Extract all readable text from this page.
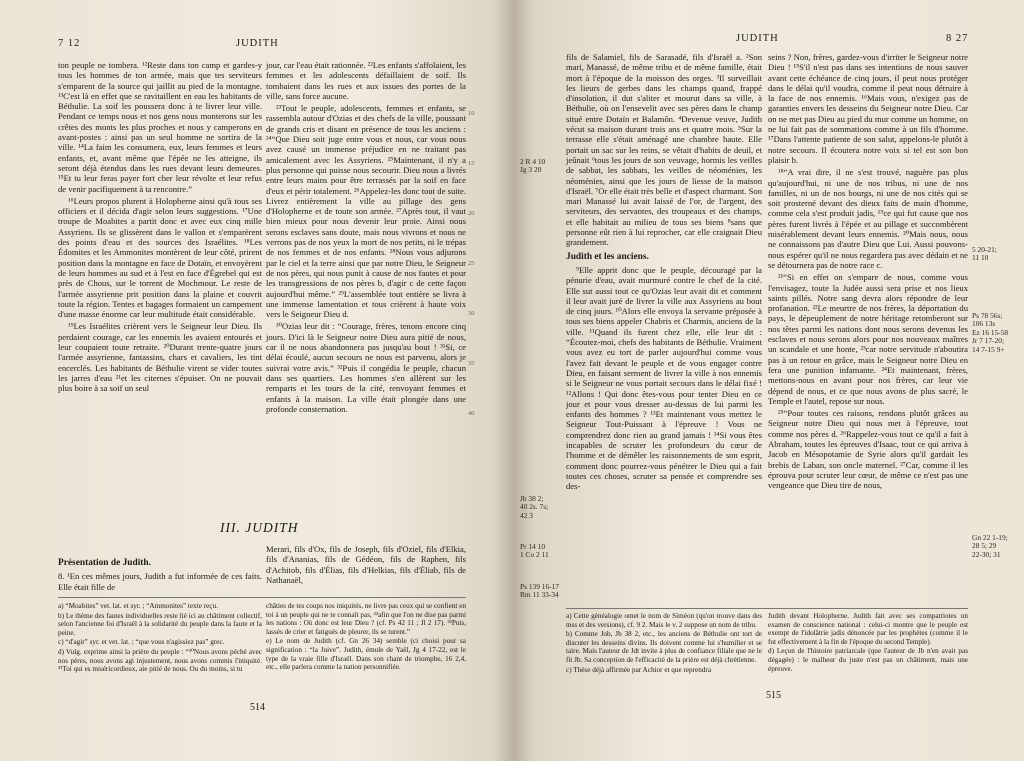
7 12	JUDITH

ton peuple ne tombera. ¹²Reste dans ton camp et gardes-y tous les hommes de ton armée, mais que tes serviteurs s'emparent de la source qui jaillit au pied de la montagne. ¹³C'est là en effet que se ravitaillent en eau les habitants de Béthulie. La soif les poussera donc à te livrer leur ville. Pendant ce temps nous et nos gens nous monterons sur les crêtes des monts les plus proches et nous y camperons en avant-postes : ainsi pas un seul homme ne sortira de la ville. ¹⁴La faim les consumera, eux, leurs femmes et leurs enfants, et, avant même que l'épée ne les atteigne, ils seront déjà étendus dans les rues devant leurs demeures. ¹⁵Et tu leur feras payer fort cher leur révolte et leur refus de venir pacifiquement à ta rencontre.”

¹⁶Leurs propos plurent à Holopherne ainsi qu'à tous ses officiers et il décida d'agir selon leurs suggestions. ¹⁷Une troupe de Moabites a partit donc et avec eux cinq mille Assyriens. Ils se glissèrent dans le vallon et s'emparèrent des points d'eau et des sources des Israélites. ¹⁸Les Édomites et les Ammonites montèrent de leur côté, prirent position dans la montagne en face de Dotaïn, et envoyèrent de leurs hommes au sud et à l'est en face d'Égrebel qui est près de Chous, sur le torrent de Mochmour. Le reste de l'armée assyrienne prit position dans la plaine et couvrit toute la région. Tentes et bagages formaient un campement d'une masse énorme car leur multitude était considérable.

¹⁹Les Israélites crièrent vers le Seigneur leur Dieu. Ils perdaient courage, car les ennemis les avaient entourés et leur coupaient toute retraite. ²⁰Durant trente-quatre jours l'armée assyrienne, fantassins, chars et cavaliers, les tint encerclés. Les habitants de Béthulie virent se vider toutes les jarres d'eau ²¹et les citernes s'épuiser. On ne pouvait plus boire à sa soif un seul

jour, car l'eau était rationnée. ²²Les enfants s'affolaient, les femmes et les adolescents défaillaient de soif. Ils tombaient dans les rues et aux issues des portes de la ville, sans force aucune.

²³Tout le peuple, adolescents, femmes et enfants, se rassembla autour d'Ozias et des chefs de la ville, poussant de grands cris et disant en présence de tous les anciens : ²⁴“Que Dieu soit juge entre vous et nous, car vous nous avez causé un immense préjudice en ne traitant pas amicalement avec les Assyriens. ²⁵Maintenant, il n'y a plus personne qui puisse nous secourir. Dieu nous a livrés entre leurs mains pour être terrassés par la soif en face d'eux et périr totalement. ²⁶Appelez-les donc tout de suite. Livrez entièrement la ville au pillage des gens d'Holopherne et de toute son armée. ²⁷Après tout, il vaut bien mieux pour nous devenir leur proie. Ainsi nous serons esclaves sans doute, mais nous vivrons et nous ne verrons pas de nos yeux la mort de nos petits, ni le trépas de nos femmes et de nos enfants. ²⁸Nous vous adjurons par le ciel et la terre ainsi que par notre Dieu, le Seigneur de nos pères, qui nous punit à cause de nos fautes et pour les transgressions de nos pères b, d'agir c de cette façon aujourd'hui même.” ²⁹L'assemblée tout entière se livra à une immense lamentation et tous crièrent à haute voix vers le Seigneur Dieu d.

³⁰Ozias leur dit : “Courage, frères, tenons encore cinq jours. D'ici là le Seigneur notre Dieu aura pitié de nous, car il ne nous abandonnera pas jusqu'au bout ! ³¹Si, ce délai écoulé, aucun secours ne nous est parvenu, alors je suivrai votre avis.” ³²Puis il congédia le peuple, chacun dans ses quartiers. Les hommes s'en allèrent sur les remparts et les tours de la cité, renvoyant femmes et enfants à la maison. La ville était plongée dans une profonde consternation.

10
15
20
25
30
35
40
III. JUDITH
Présentation de Judith.

8. ¹En ces mêmes jours, Judith a fut informée de ces faits. Elle était fille de

Merari, fils d'Ox, fils de Joseph, fils d'Oziel, fils d'Elkia, fils d'Ananias, fils de Gédéon, fils de Raphen, fils d'Achitob, fils d'Élias, fils d'Helkias, fils d'Éliab, fils de Nathanaël,

a) “Moabites” vet. lat. et syr. ; “Ammonites” texte reçu.

b) Le thème des fautes individuelles reste lié ici au châtiment collectif, selon l'ancienne foi d'Israël à la solidarité du peuple dans la faute et la peine.

c) “d'agir” syr. et vet. lat. ; “que vous n'agissiez pas” grec.

d) Vulg. exprime ainsi la prière du peuple : “³⁰Nous avons péché avec nos pères, nous avons agi injustement, nous avons commis l'iniquité. ³¹Toi qui es miséricordieux, aie pitié de nous. Ou du moins, si tu

châties de tes coups nos iniquités, ne livre pas ceux qui se confient en toi à un peuple qui ne te connaît pas, ³²afin que l'on ne dise pas parmi les nations : Où donc est leur Dieu ? (cf. Ps 42 11 ; Jl 2 17). ³³Puis, lassés de crier et fatigués de pleurer, ils se turent.”

e) Le nom de Judith (cf. Gn 26 34) semble (ci choisi pour sa signification : “la Juive”. Judith, émule de Yaël, Jg 4 17-22, est le type de la vraie fille d'Israël. Dans son chant de triomphe, 16 2,4, etc., elle parlera comme la nation personnifiée.

514
JUDITH	8 27
2 R 4 10
Jg 3 20
Jb 38 2;
40 2s. 7s;
42 3
Pr 14 10
1 Co 2 11
Ps 139 16-17
Rm 11 33-34

fils de Salamiel, fils de Sarasadé, fils d'Israël a. ²Son mari, Manassé, de même tribu et de même famille, était mort à l'époque de la moisson des orges. ³Il surveillait les lieurs de gerbes dans les champs quand, frappé d'insolation, il dut s'aliter et mourut dans sa ville, à Béthulie, où on l'ensevelit avec ses pères dans le champ situé entre Dotaïn et Balamôn. ⁴Devenue veuve, Judith vécut sa maison durant trois ans et quatre mois. ⁵Sur la terrasse elle s'était aménagé une chambre haute. Elle portait un sac sur les reins, se vêtait d'habits de deuil, et jeûnait ⁶tous les jours de son veuvage, hormis les veilles de sabbat, les sabbats, les veilles de néoménies, les néoménies, ainsi que les jours de liesse de la maison d'Israël. ⁷Or elle était très belle et d'aspect charmant. Son mari Manassé lui avait laissé de l'or, de l'argent, des serviteurs, des servantes, des troupeaux et des champs, et elle habitait au milieu de tous ses biens ⁸sans que personne eût rien à lui reprocher, car elle craignait Dieu grandement.

Judith et les anciens.

⁹Elle apprit donc que le peuple, découragé par la pénurie d'eau, avait murmuré contre le chef de la cité. Elle sut aussi tout ce qu'Ozias leur avait dit et comment il leur avait juré de livrer la ville aux Assyriens au bout de cinq jours. ¹⁰Alors elle envoya la servante préposée à tous ses biens appeler Chabris et Charmis, anciens de la ville. ¹¹Quand ils furent chez elle, elle leur dit : “Écoutez-moi, chefs des habitants de Béthulie. Vraiment vous avez eu tort de parler aujourd'hui comme vous l'avez fait devant le peuple et de vous engager contre Dieu, en faisant serment de livrer la ville à nos ennemis si le Seigneur ne vous portait secours dans le délai fixé ! ¹²Allons ! Qui donc êtes-vous pour tenter Dieu en ce jour et pour vous dresser au-dessus de lui parmi les enfants des hommes ? ¹³Et maintenant vous mettez le Seigneur Tout-Puissant à l'épreuve ! Vous ne comprendrez donc rien au grand jamais ! ¹⁴Si vous êtes incapables de scruter les profondeurs du cœur de l'homme et de démêler les raisonnements de son esprit, comment donc pourrez-vous pénétrer le Dieu qui a fait toutes ces choses, scruter sa pensée et comprendre ses des-

seins ? Non, frères, gardez-vous d'irriter le Seigneur notre Dieu ! ¹⁵S'il n'est pas dans ses intentions de nous sauver avant cette échéance de cinq jours, il peut nous protéger dans le délai qu'il voudra, comme il peut nous détruire à la face de nos ennemis. ¹⁶Mais vous, n'exigez pas de garanties envers les desseins du Seigneur notre Dieu. Car on ne met pas Dieu au pied du mur comme un homme, on ne lui fait pas de sommations comme à un fils d'homme. ¹⁷Dans l'attente patiente de son salut, appelons-le plutôt à notre secours. Il écoutera notre voix si tel est son bon plaisir b.

¹⁸“A vrai dire, il ne s'est trouvé, naguère pas plus qu'aujourd'hui, ni une de nos tribus, ni une de nos familles, ni un de nos bourgs, ni une de nos cités qui se soit prosterné devant des dieux faits de main d'homme, comme cela s'est produit jadis, ¹⁹ce qui fut cause que nos pères furent livrés à l'épée et au pillage et succombèrent misérablement devant leurs ennemis. ²⁰Mais nous, nous ne connaissons pas d'autre Dieu que Lui. Aussi pouvons-nous espérer qu'il ne nous regardera pas avec dédain et ne se détournera pas de notre race c.

²¹“Si en effet on s'empare de nous, comme vous l'envisagez, toute la Judée aussi sera prise et nos lieux saints pillés. Notre sang devra alors répondre de leur profanation. ²²Le meurtre de nos frères, la déportation du pays, le dépeuplement de notre héritage retomberont sur nos têtes parmi les nations dont nous serons devenus les esclaves et nous serons alors pour nos nouveaux maîtres un scandale et une honte, ²³car notre servitude n'aboutira pas à un retour en grâce, mais le Seigneur notre Dieu en fera une punition infamante. ²⁴Et maintenant, frères, mettons-nous en avant pour nos frères, car leur vie dépend de nous, et ce que nous avons de plus sacré, le Temple et l'autel, repose sur nous.

²⁵“Pour toutes ces raisons, rendons plutôt grâces au Seigneur notre Dieu qui nous met à l'épreuve, tout comme nos pères d. ²⁶Rappelez-vous tout ce qu'il a fait à Abraham, toutes les épreuves d'Isaac, tout ce qui arriva à Jacob en Mésopotamie de Syrie alors qu'il gardait les brebis de Laban, son oncle maternel. ²⁷Car, comme il les éprouva pour scruter leur cœur, de même ce n'est pas une vengeance que Dieu tire de nous,

5 20-21;
11 10
Ps 78 56s;
106 13s
Ez 16 15-58
Jr 7 17-20;
14 7-15 9+
Gn 22 1-19;
28 5; 29
22-30; 31

a) Cette généalogie omet le nom de Siméon (qu'on trouve dans des mss et des versions), cf. 9 2. Mais le v. 2 suppose un nom de tribu.

b) Comme Job, Jb 38 2, etc., les anciens de Béthulie ont tort de discuter les desseins divins. Ils doivent comme lui s'humilier et se taire. Mais l'auteur de Jdt invite à plus de confiance filiale que ne le fit Jb. Sa conception de l'efficacité de la prière est déjà chrétienne.

c) Thèse déjà affirmée par Achior et que reprendra

Judith devant Holopherne. Judith fait avec ses compatriotes un examen de conscience national : celui-ci montre que le peuple est exempt de l'idolâtrie jadis dénoncée par les prophètes (comme il le fut effectivement à la fin de l'époque du second Temple).

d) Leçon de l'histoire patriarcale (que l'auteur de Jb n'en avait pas dégagée) : le malheur du juste n'est pas un châtiment, mais une épreuve.

515
